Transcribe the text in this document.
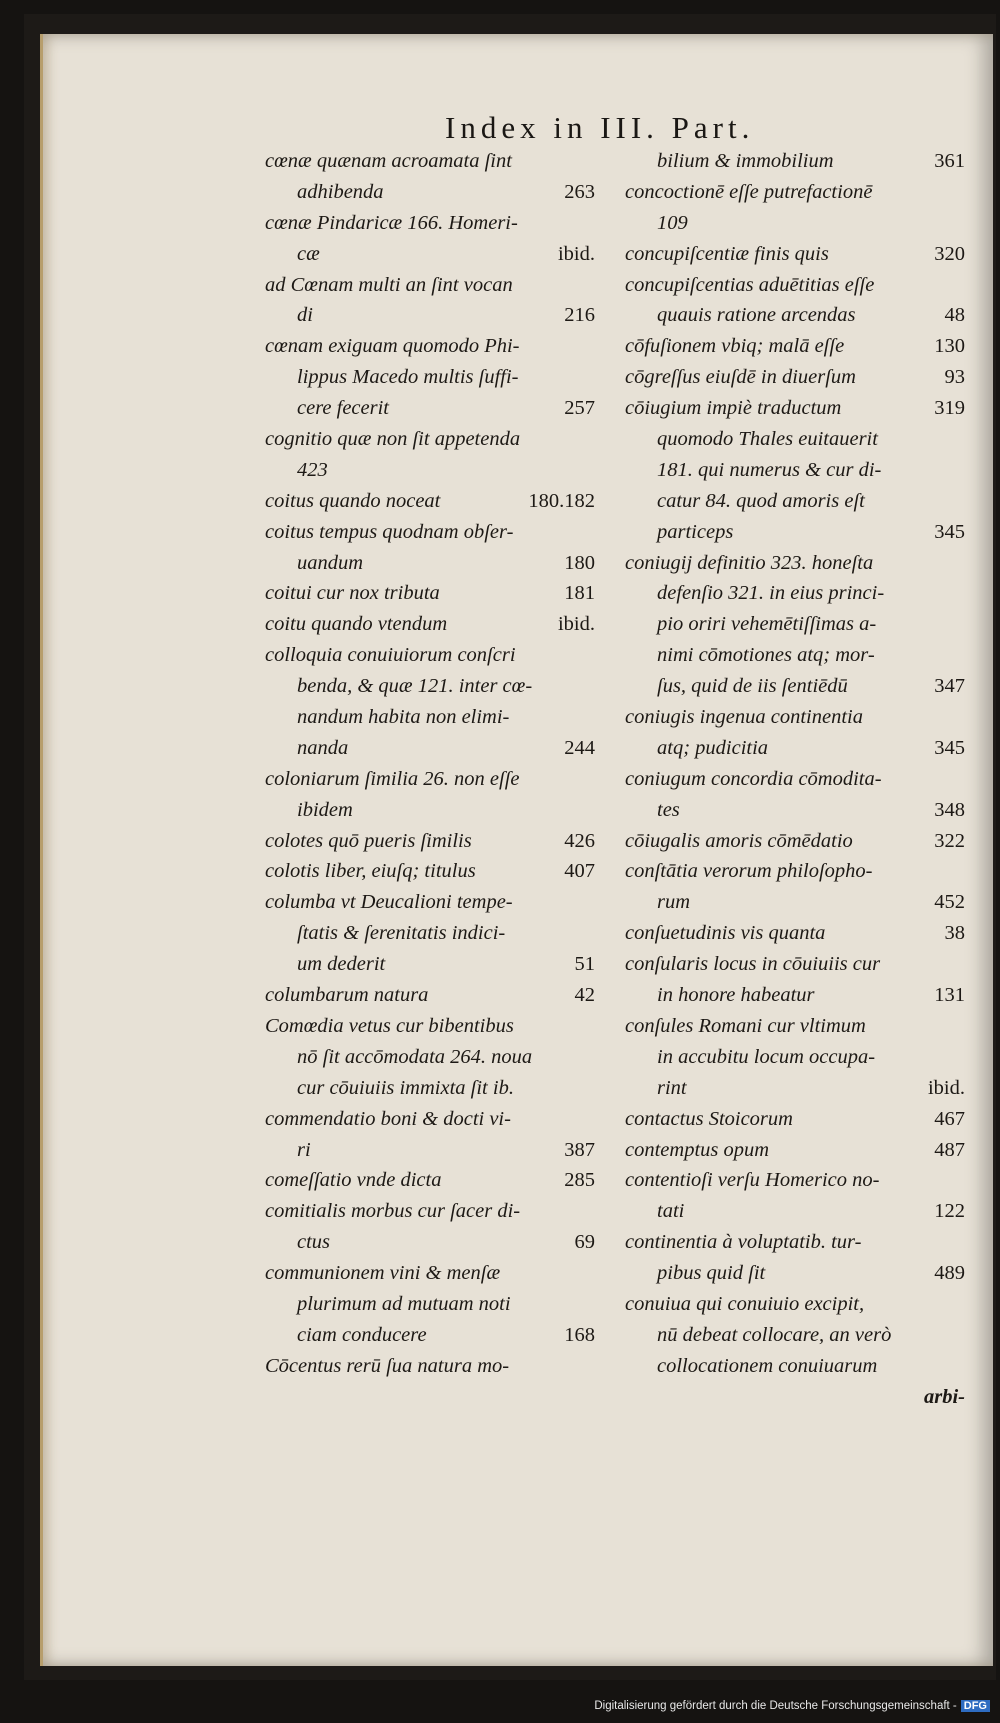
Index in III. Part.
cœnæ quænam acroamata ſint
adhibenda	263
cœnæ Pindaricæ 166. Homeri-
cæ	ibid.
ad Cœnam multi an ſint vocan
di	216
cœnam exiguam quomodo Phi-
lippus Macedo multis ſuffi-
cere fecerit	257
cognitio quæ non ſit appetenda
423
coitus quando noceat	180.182
coitus tempus quodnam obſer-
uandum	180
coitui cur nox tributa	181
coitu quando vtendum	ibid.
colloquia conuiuiorum conſcri
benda, & quæ 121. inter cœ-
nandum habita non elimi-
nanda	244
coloniarum ſimilia 26. non eſſe
ibidem
colotes quō pueris ſimilis	426
colotis liber, eiuſq; titulus	407
columba vt Deucalioni tempe-
ſtatis & ſerenitatis indici-
um dederit	51
columbarum natura	42
Comœdia vetus cur bibentibus
nō ſit accōmodata 264. noua
cur cōuiuiis immixta ſit ib.
commendatio boni & docti vi-
ri	387
comeſſatio vnde dicta	285
comitialis morbus cur ſacer di-
ctus	69
communionem vini & menſæ
plurimum ad mutuam noti
ciam conducere	168
Cōcentus rerū ſua natura mo-
bilium & immobilium	361
concoctionē eſſe putrefactionē
109
concupiſcentiæ finis quis	320
concupiſcentias aduētitias eſſe
quauis ratione arcendas	48
cōfuſionem vbiq; malā eſſe	130
cōgreſſus eiuſdē in diuerſum	93
cōiugium impiè traductum	319
quomodo Thales euitauerit
181. qui numerus & cur di-
catur 84. quod amoris eſt
particeps	345
coniugij definitio 323. honeſta
defenſio 321. in eius princi-
pio oriri vehemētiſſimas a-
nimi cōmotiones atq; mor-
ſus, quid de iis ſentiēdū	347
coniugis ingenua continentia
atq; pudicitia	345
coniugum concordia cōmodita-
tes	348
cōiugalis amoris cōmēdatio	322
conſtātia verorum philoſopho-
rum	452
conſuetudinis vis quanta	38
conſularis locus in cōuiuiis cur
in honore habeatur	131
conſules Romani cur vltimum
in accubitu locum occupa-
rint	ibid.
contactus Stoicorum	467
contemptus opum	487
contentioſi verſu Homerico no-
tati	122
continentia à voluptatib. tur-
pibus quid ſit	489
conuiua qui conuiuio excipit,
nū debeat collocare, an verò
collocationem conuiuarum
arbi-
Digitalisierung gefördert durch die Deutsche Forschungsgemeinschaft - DFG
